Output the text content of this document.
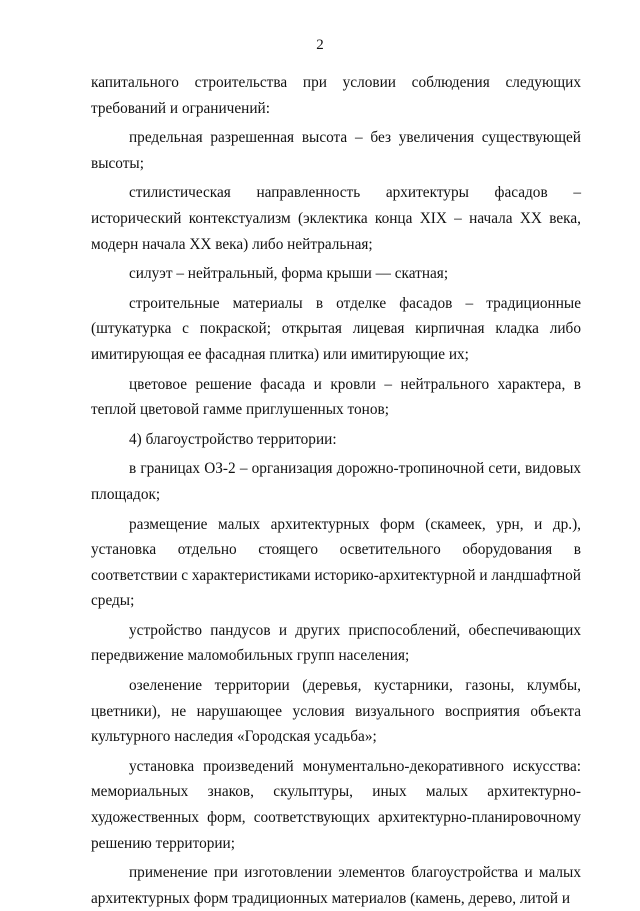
2

капитального строительства при условии соблюдения следующих требований и ограничений:

предельная разрешенная высота – без увеличения существующей высоты;

стилистическая направленность архитектуры фасадов – исторический контекстуализм (эклектика конца XIX – начала XX века, модерн начала XX века) либо нейтральная;

силуэт – нейтральный, форма крыши — скатная;

строительные материалы в отделке фасадов – традиционные (штукатурка с покраской; открытая лицевая кирпичная кладка либо имитирующая ее фасадная плитка) или имитирующие их;

цветовое решение фасада и кровли – нейтрального характера, в теплой цветовой гамме приглушенных тонов;

4) благоустройство территории:

в границах ОЗ-2 – организация дорожно-тропиночной сети, видовых площадок;

размещение малых архитектурных форм (скамеек, урн, и др.), установка отдельно стоящего осветительного оборудования в соответствии с характеристиками историко-архитектурной и ландшафтной среды;

устройство пандусов и других приспособлений, обеспечивающих передвижение маломобильных групп населения;

озеленение территории (деревья, кустарники, газоны, клумбы, цветники), не нарушающее условия визуального восприятия объекта культурного наследия «Городская усадьба»;

установка произведений монументально-декоративного искусства: мемориальных знаков, скульптуры, иных малых архитектурно-художественных форм, соответствующих архитектурно-планировочному решению территории;

применение при изготовлении элементов благоустройства и малых архитектурных форм традиционных материалов (камень, дерево, литой и
